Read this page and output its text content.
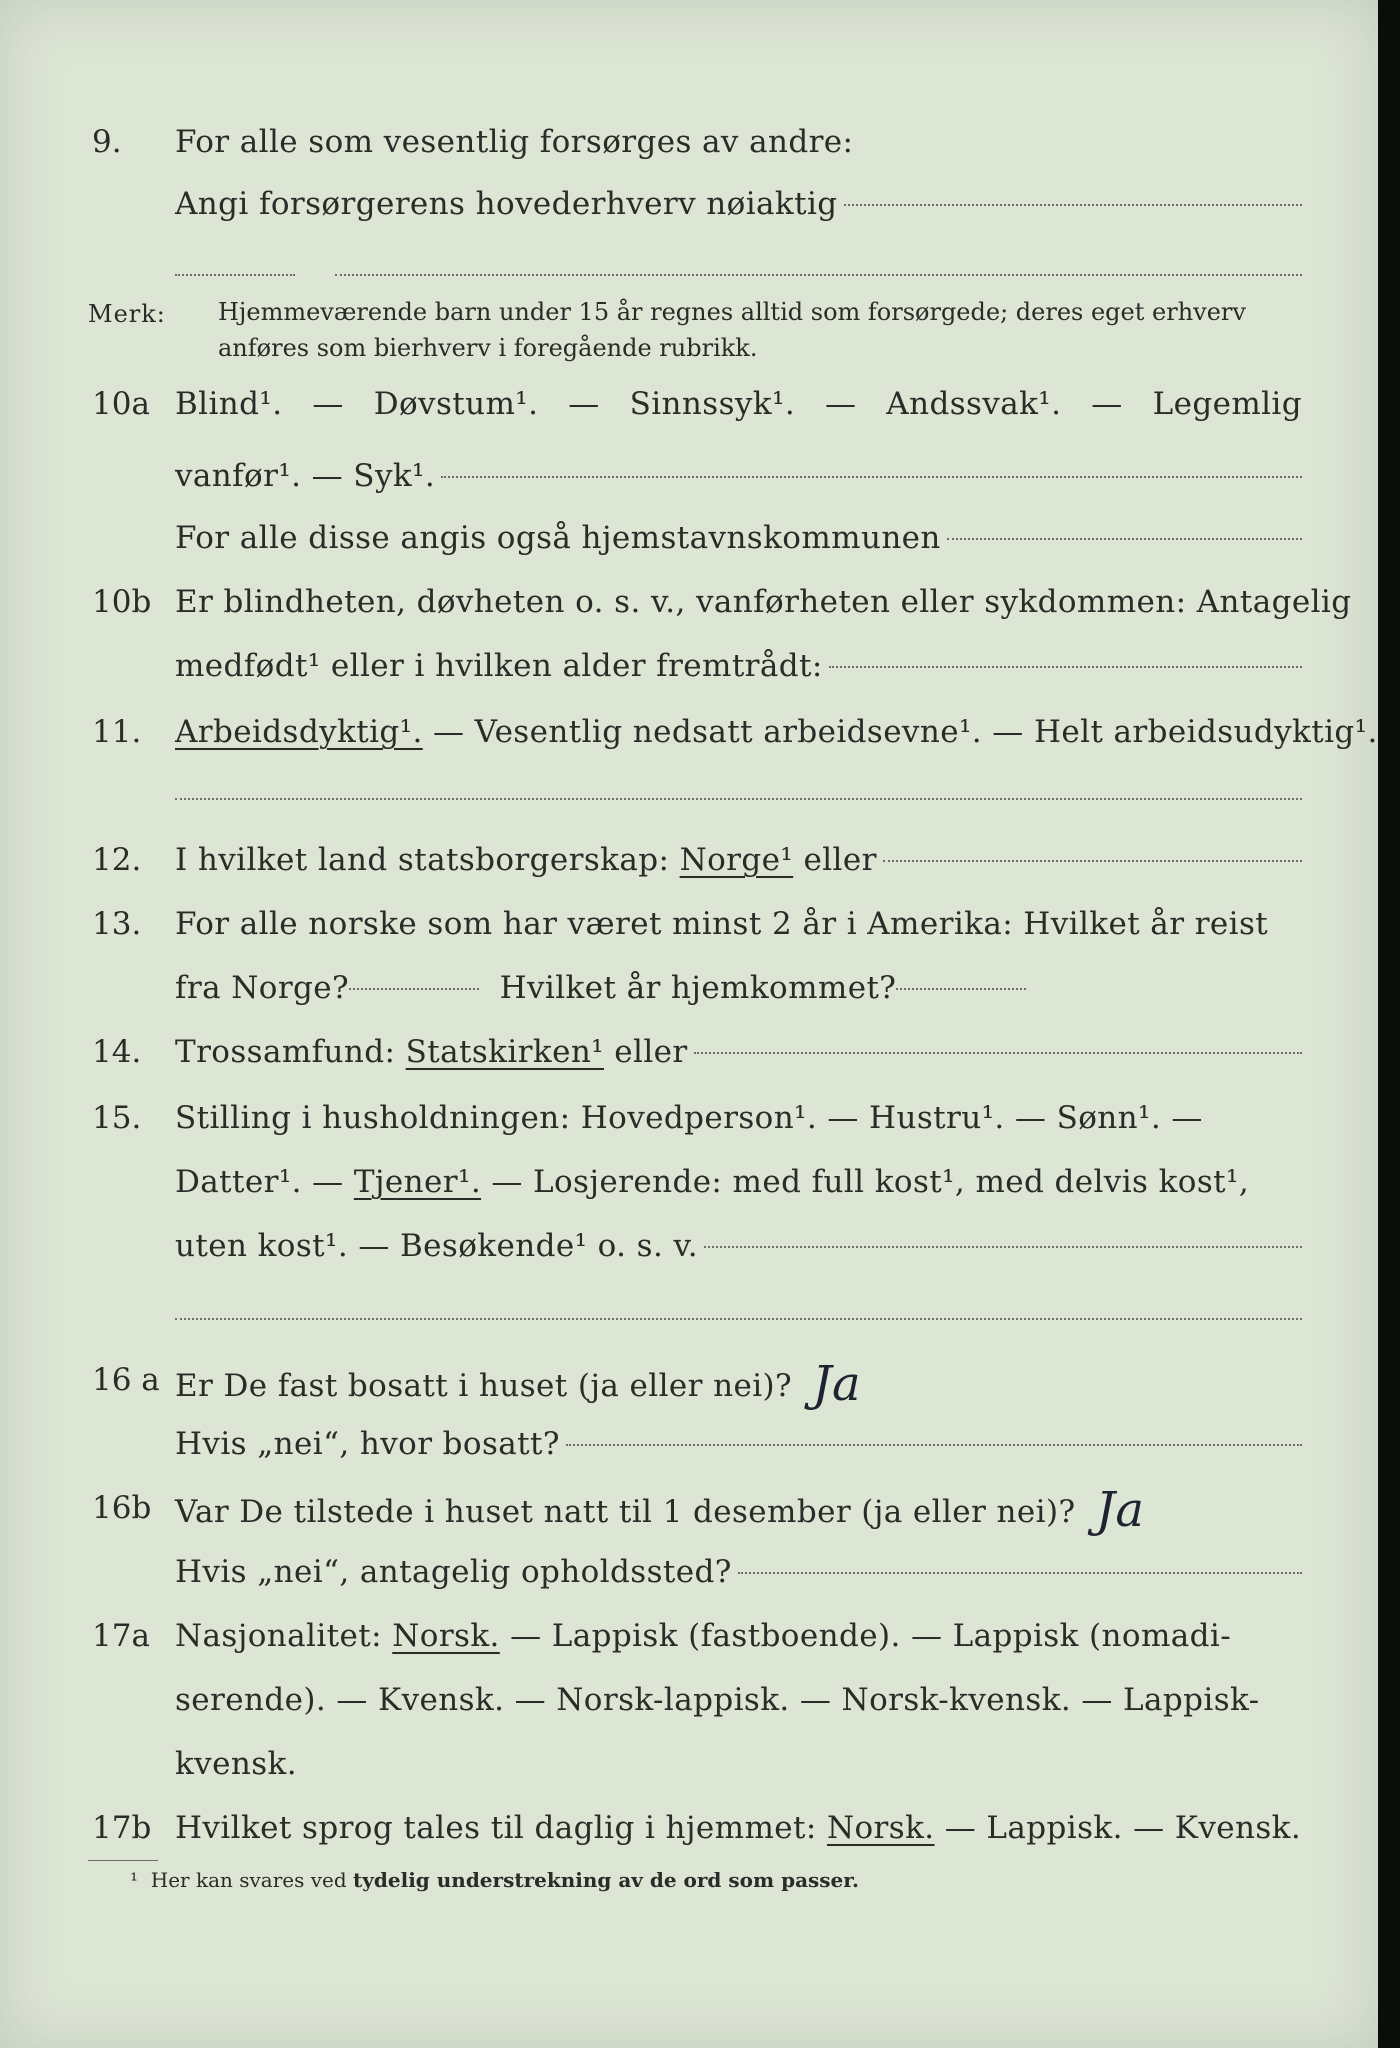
9. For alle som vesentlig forsørges av andre:
Angi forsørgerens hovederhverv nøiaktig
Merk: Hjemmeværende barn under 15 år regnes alltid som forsørgede; deres eget erhverv anføres som bierhverv i foregående rubrikk.
10a Blind¹. — Døvstum¹. — Sinnssyk¹. — Andssvak¹. — Legemlig
vanfør¹. — Syk¹.
For alle disse angis også hjemstavnskommunen
10b Er blindheten, døvheten o. s. v., vanførheten eller sykdommen: Antagelig
medfødt¹ eller i hvilken alder fremtrådt:
11. Arbeidsdyktig¹. — Vesentlig nedsatt arbeidsevne¹. — Helt arbeidsudyktig¹.
12. I hvilket land statsborgerskap:
Norge¹
eller
13. For alle norske som har været minst 2 år i Amerika: Hvilket år reist
fra Norge?	Hvilket år hjemkommet?
14. Trossamfund:
Statskirken¹
eller
15. Stilling i husholdningen: Hovedperson¹. — Hustru¹. — Sønn¹. —
Datter¹. — Tjener¹. — Losjerende: med full kost¹, med delvis kost¹,
uten kost¹. — Besøkende¹ o. s. v.
16 a Er De fast bosatt i huset (ja eller nei)? Ja
Hvis „nei“, hvor bosatt?
16b Var De tilstede i huset natt til 1 desember (ja eller nei)? Ja
Hvis „nei“, antagelig opholdssted?
17a Nasjonalitet: Norsk. — Lappisk (fastboende). — Lappisk (nomadi-
serende). — Kvensk. — Norsk-lappisk. — Norsk-kvensk. — Lappisk-
kvensk.
17b Hvilket sprog tales til daglig i hjemmet: Norsk. — Lappisk. — Kvensk.
¹ Her kan svares ved tydelig understrekning av de ord som passer.
